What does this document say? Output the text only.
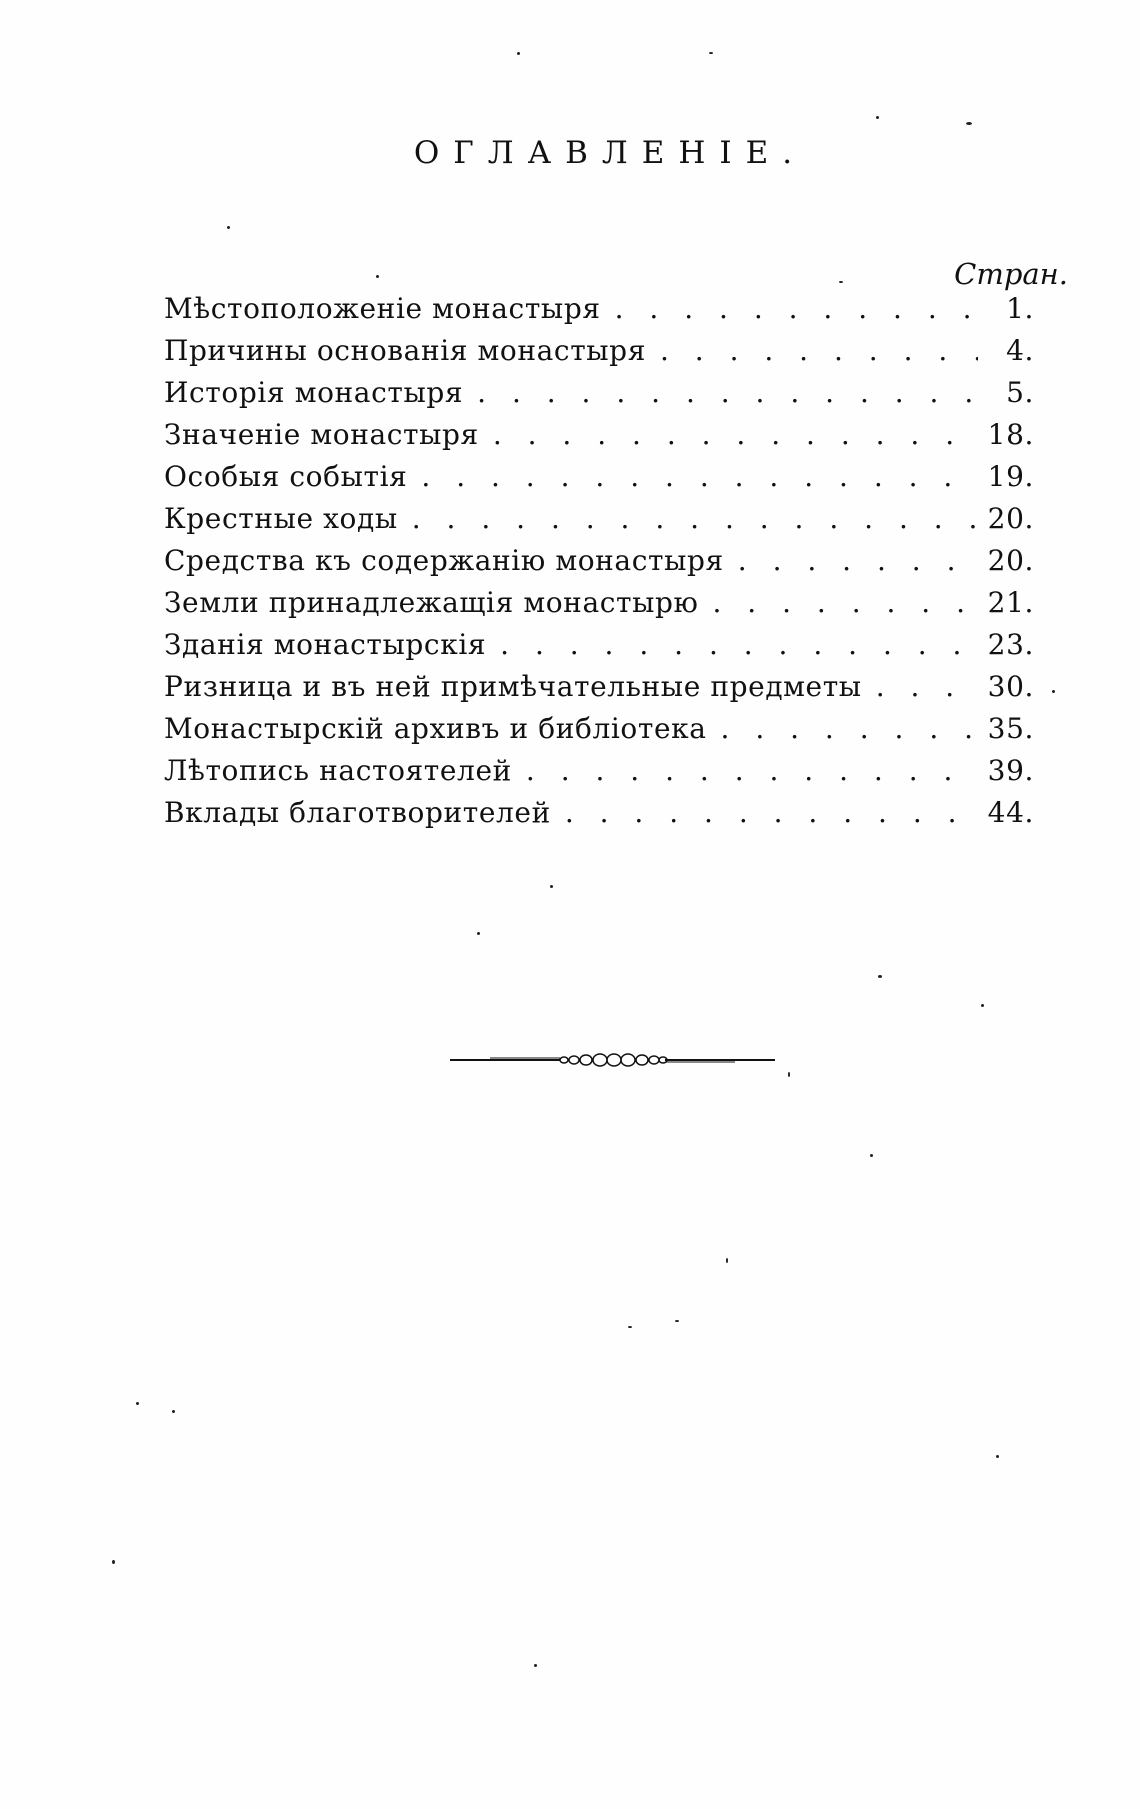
ОГЛАВЛЕНІЕ.
Стран.
Мѣстоположеніе монастыря . . .	1.
Причины основанія монастыря . . .	4.
Исторія монастыря . . .	5.
Значеніе монастыря . . .	18.
Особыя событія . . .	19.
Крестные ходы . . .	20.
Средства къ содержанію монастыря . . .	20.
Земли принадлежащія монастырю . . .	21.
Зданія монастырскія . . .	23.
Ризница и въ ней примѣчательные предметы . . .	30.
Монастырскій архивъ и библіотека . . .	35.
Лѣтопись настоятелей . . .	39.
Вклады благотворителей . . .	44.
